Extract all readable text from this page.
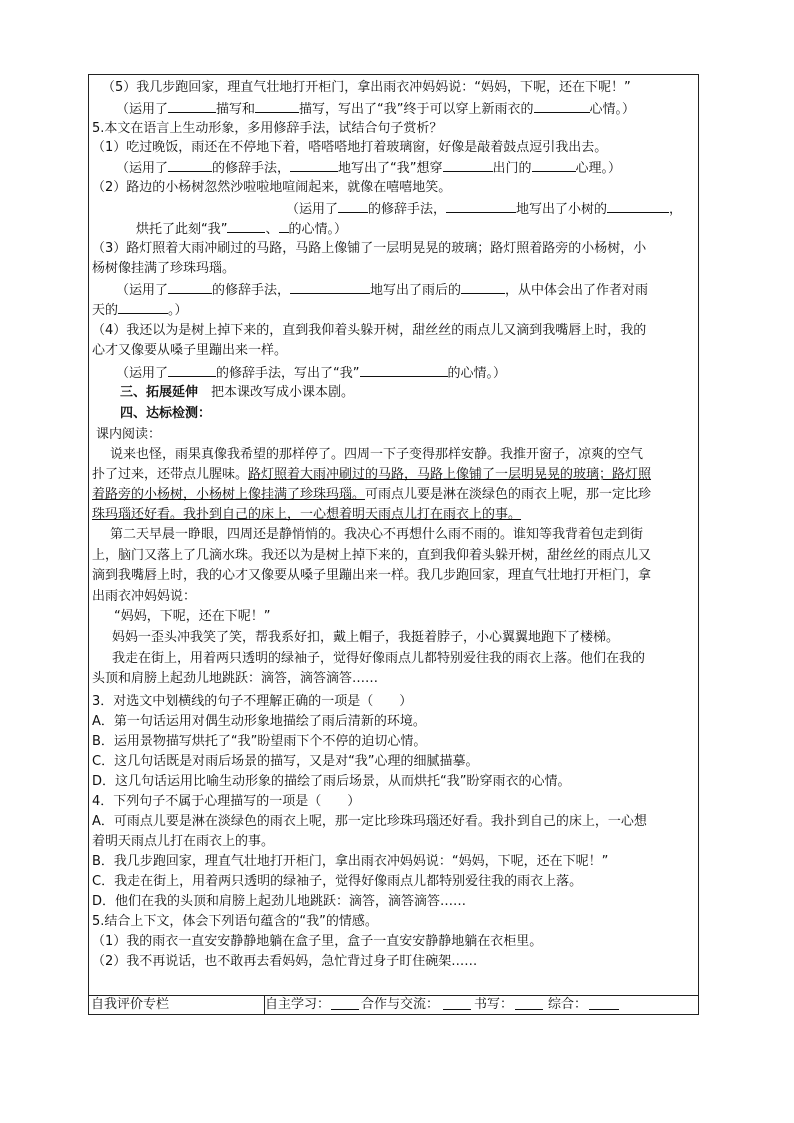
（5）我几步跑回家，理直气壮地打开柜门，拿出雨衣冲妈妈说：“妈妈，下呢，还在下呢！”
（运用了	描写和	描写，写出了“我”终于可以穿上新雨衣的	心情。）
5.本文在语言上生动形象，多用修辞手法，试结合句子赏析？
（1）吃过晚饭，雨还在不停地下着，嗒嗒嗒地打着玻璃窗，好像是敲着鼓点逗引我出去。
（运用了	的修辞手法，	地写出了“我”想穿	出门的	心理。）
（2）路边的小杨树忽然沙啦啦地喧闹起来，就像在嘻嘻地笑。
（运用了 的修辞手法，	地写出了小树的	，
烘托了此刻“我”	、 的心情。）
（3）路灯照着大雨冲刷过的马路，马路上像铺了一层明晃晃的玻璃；路灯照着路旁的小杨树，小
杨树像挂满了珍珠玛瑙。
（运用了	的修辞手法，	地写出了雨后的	，从中体会出了作者对雨
天的	。）
（4）我还以为是树上掉下来的，直到我仰着头躲开树，甜丝丝的雨点儿又滴到我嘴唇上时，我的
心才又像要从嗓子里蹦出来一样。
（运用了	的修辞手法，写出了“我”	的心情。）
三、拓展延伸　把本课改写成小课本剧。
四、达标检测：
课内阅读：
说来也怪，雨果真像我希望的那样停了。四周一下子变得那样安静。我推开窗子，凉爽的空气
扑了过来，还带点儿腥味。路灯照着大雨冲刷过的马路，马路上像铺了一层明晃晃的玻璃；路灯照
着路旁的小杨树，小杨树上像挂满了珍珠玛瑙。可雨点儿要是淋在淡绿色的雨衣上呢，那一定比珍
珠玛瑙还好看。我扑到自己的床上，一心想着明天雨点儿打在雨衣上的事。
第二天早晨一睁眼，四周还是静悄悄的。我决心不再想什么雨不雨的。谁知等我背着包走到街
上，脑门又落上了几滴水珠。我还以为是树上掉下来的，直到我仰着头躲开树，甜丝丝的雨点儿又
滴到我嘴唇上时，我的心才又像要从嗓子里蹦出来一样。我几步跑回家，理直气壮地打开柜门，拿
出雨衣冲妈妈说：
“妈妈，下呢，还在下呢！”
妈妈一歪头冲我笑了笑，帮我系好扣，戴上帽子，我挺着脖子，小心翼翼地跑下了楼梯。
我走在街上，用着两只透明的绿袖子，觉得好像雨点儿都特别爱往我的雨衣上落。他们在我的
头顶和肩膀上起劲儿地跳跃：滴答，滴答滴答……
3．对选文中划横线的句子不理解正确的一项是（　　）
A．第一句话运用对偶生动形象地描绘了雨后清新的环境。
B．运用景物描写烘托了“我”盼望雨下个不停的迫切心情。
C．这几句话既是对雨后场景的描写，又是对“我”心理的细腻描摹。
D．这几句话运用比喻生动形象的描绘了雨后场景，从而烘托“我”盼穿雨衣的心情。
4．下列句子不属于心理描写的一项是（　　）
A．可雨点儿要是淋在淡绿色的雨衣上呢，那一定比珍珠玛瑙还好看。我扑到自己的床上，一心想
着明天雨点儿打在雨衣上的事。
B．我几步跑回家，理直气壮地打开柜门，拿出雨衣冲妈妈说：“妈妈，下呢，还在下呢！”
C．我走在街上，用着两只透明的绿袖子，觉得好像雨点儿都特别爱往我的雨衣上落。
D．他们在我的头顶和肩膀上起劲儿地跳跃：滴答，滴答滴答……
5.结合上下文，体会下列语句蕴含的“我”的情感。
（1）我的雨衣一直安安静静地躺在盒子里，盒子一直安安静静地躺在衣柜里。
（2）我不再说话，也不敢再去看妈妈，急忙背过身子盯住碗架……
自我评价专栏	自主学习： 合作与交流：	书写：	综合：
